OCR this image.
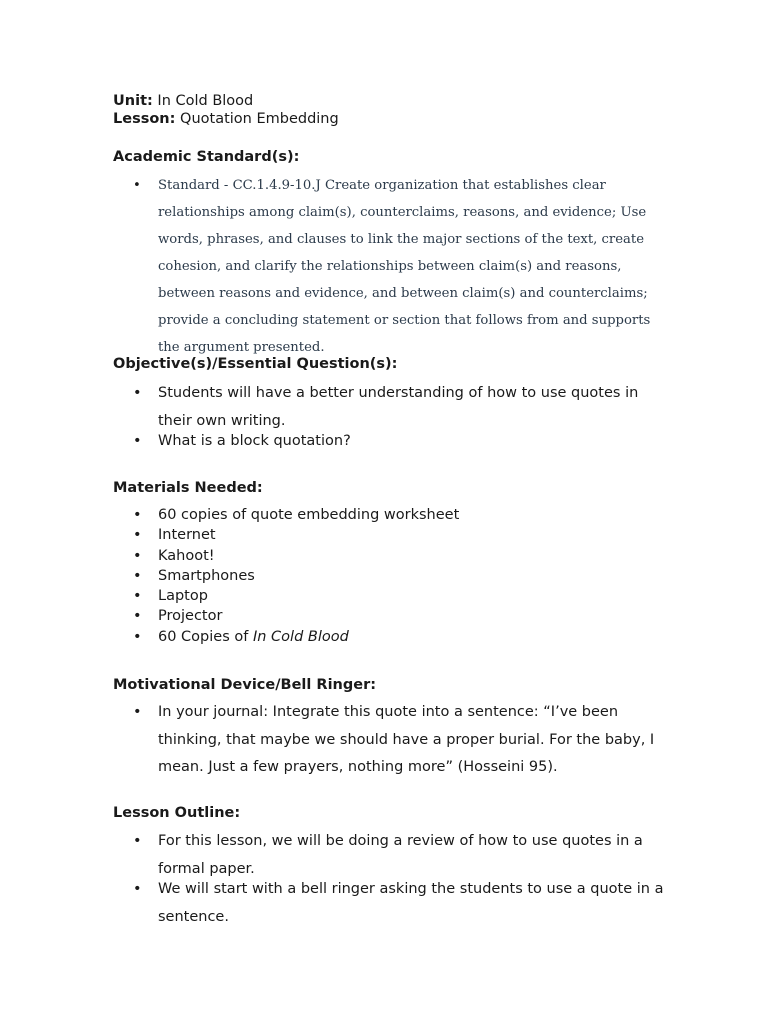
Unit: In Cold Blood

Lesson: Quotation Embedding

Academic Standard(s):

• Standard - CC.1.4.9-10.J Create organization that establishes clear relationships among claim(s), counterclaims, reasons, and evidence; Use words, phrases, and clauses to link the major sections of the text, create cohesion, and clarify the relationships between claim(s) and reasons, between reasons and evidence, and between claim(s) and counterclaims; provide a concluding statement or section that follows from and supports the argument presented.

Objective(s)/Essential Question(s):

• Students will have a better understanding of how to use quotes in their own writing.
• What is a block quotation?

Materials Needed:

• 60 copies of quote embedding worksheet
• Internet
• Kahoot!
• Smartphones
• Laptop
• Projector
• 60 Copies of In Cold Blood

Motivational Device/Bell Ringer:

• In your journal: Integrate this quote into a sentence: “I’ve been thinking, that maybe we should have a proper burial. For the baby, I mean. Just a few prayers, nothing more” (Hosseini 95).

Lesson Outline:

• For this lesson, we will be doing a review of how to use quotes in a formal paper.
• We will start with a bell ringer asking the students to use a quote in a sentence.
